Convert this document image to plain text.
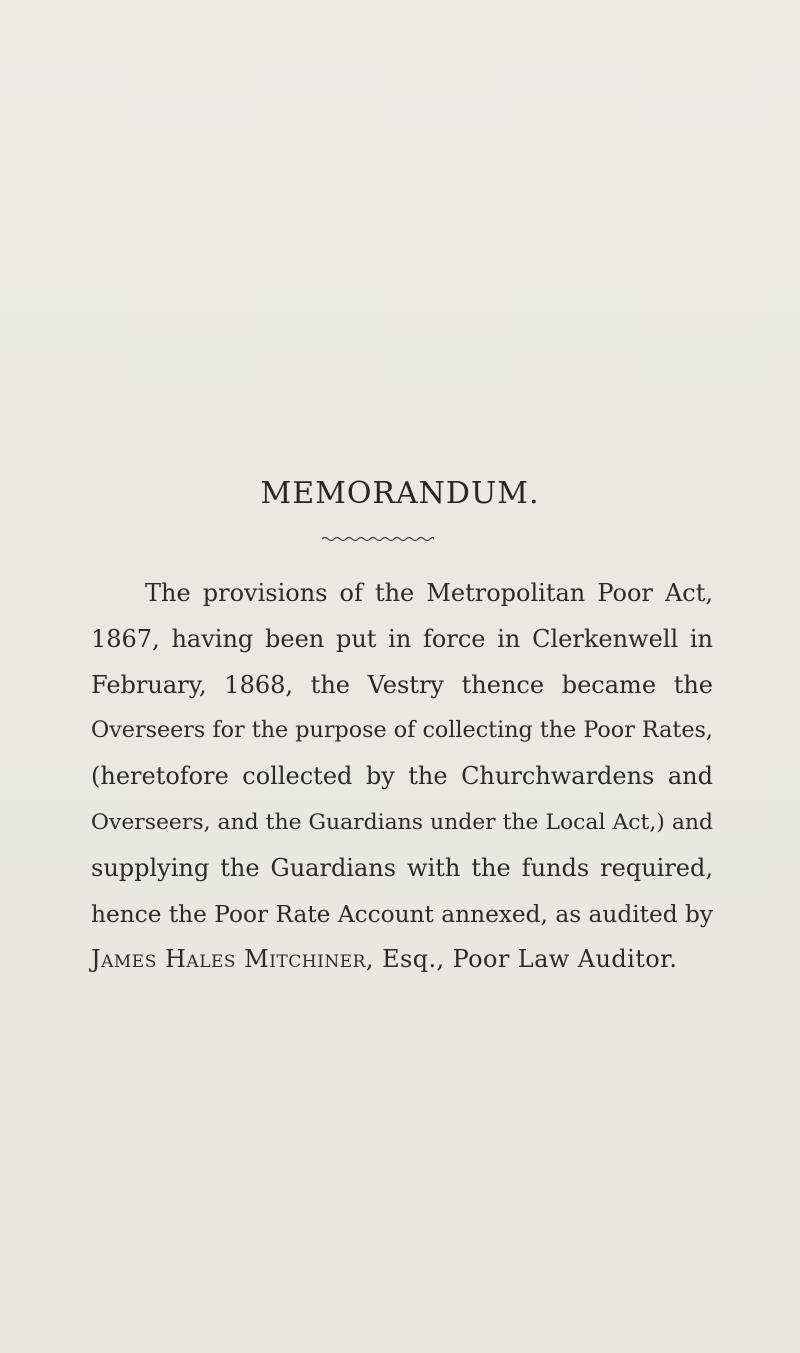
MEMORANDUM.
The provisions of the Metropolitan Poor Act,
1867, having been put in force in Clerkenwell in
February, 1868, the Vestry thence became the
Overseers for the purpose of collecting the Poor Rates,
(heretofore collected by the Churchwardens and
Overseers, and the Guardians under the Local Act,) and
supplying the Guardians with the funds required,
hence the Poor Rate Account annexed, as audited by
James Hales Mitchiner, Esq., Poor Law Auditor.
